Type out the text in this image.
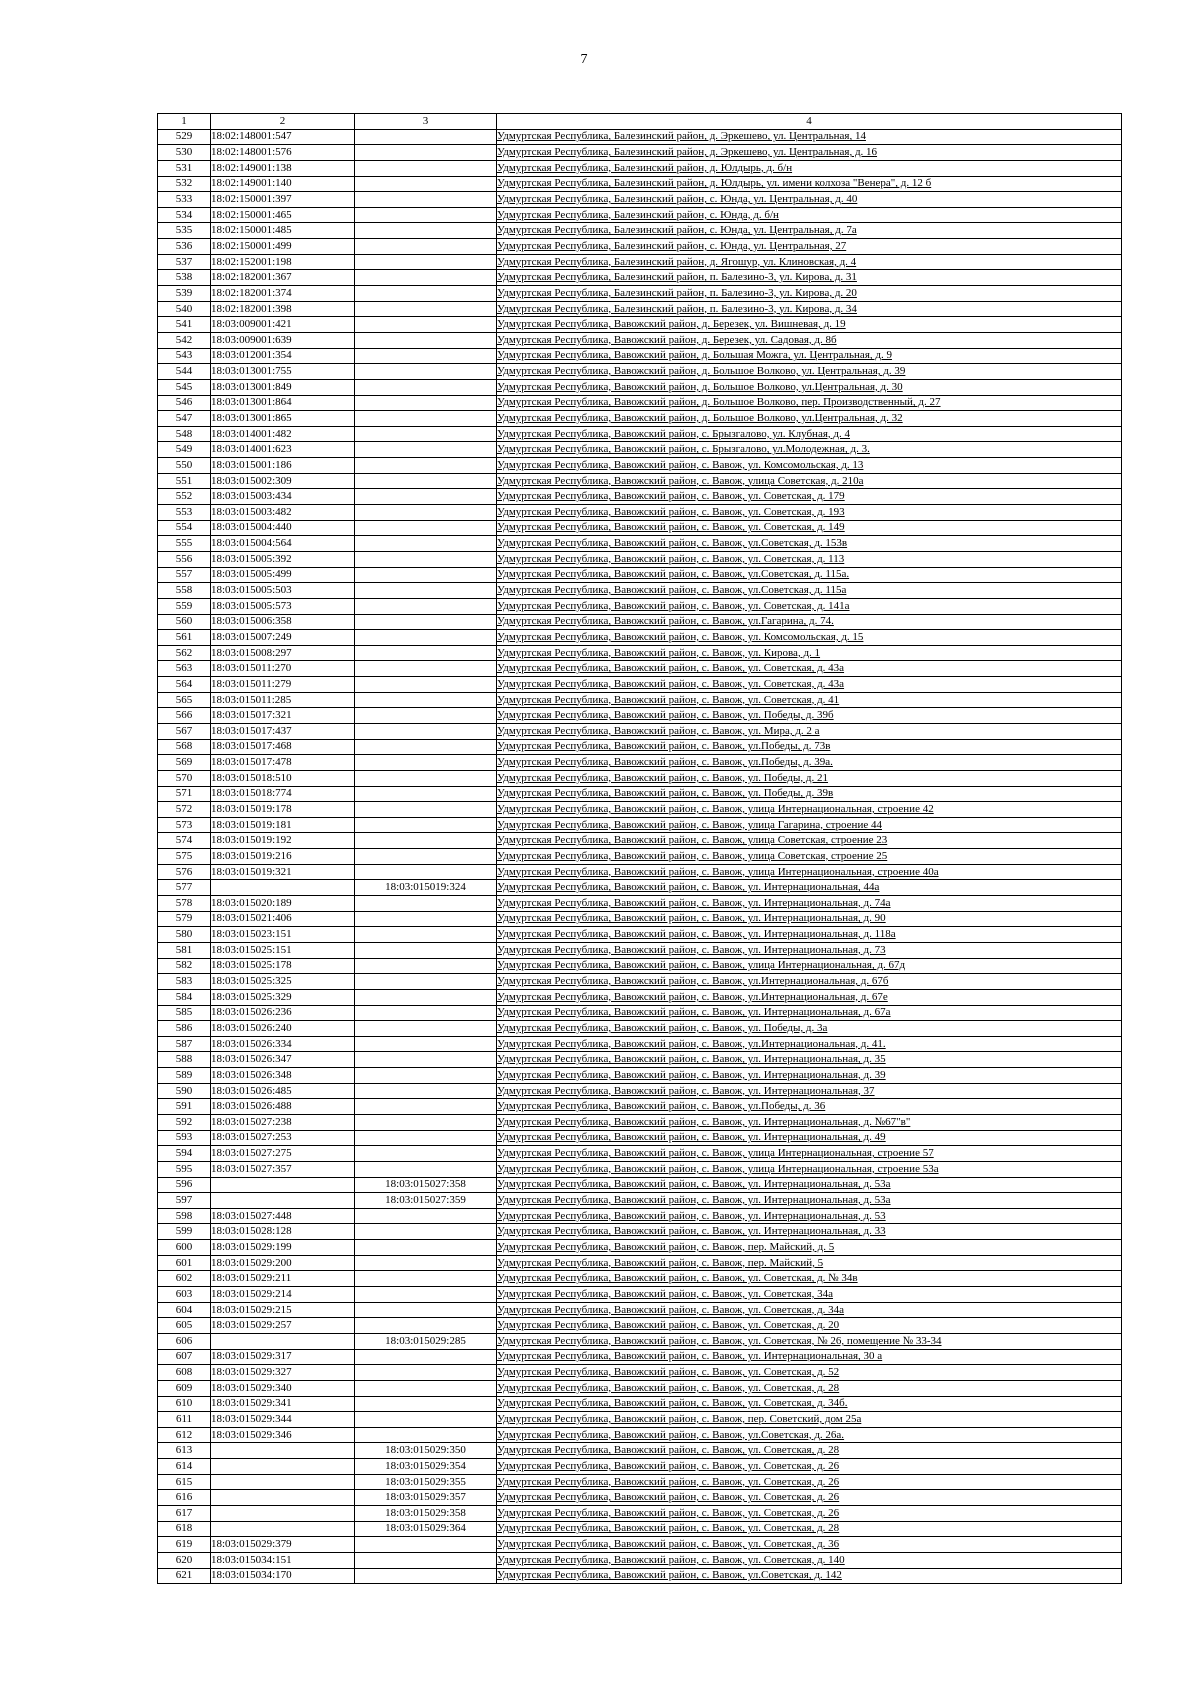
7
1	2	3	4
529	18:02:148001:547		Удмуртская Республика, Балезинский район, д. Эркешево, ул. Центральная, 14
530	18:02:148001:576		Удмуртская Республика, Балезинский район, д. Эркешево, ул. Центральная, д. 16
531	18:02:149001:138		Удмуртская Республика, Балезинский район, д. Юлдырь, д. б/н
532	18:02:149001:140		Удмуртская Республика, Балезинский район, д. Юлдырь, ул. имени колхоза "Венера", д. 12 б
533	18:02:150001:397		Удмуртская Республика, Балезинский район, с. Юнда, ул. Центральная, д. 40
534	18:02:150001:465		Удмуртская Республика, Балезинский район, с. Юнда, д. б/н
535	18:02:150001:485		Удмуртская Республика, Балезинский район, с. Юнда, ул. Центральная, д. 7а
536	18:02:150001:499		Удмуртская Республика, Балезинский район, с. Юнда, ул. Центральная, 27
537	18:02:152001:198		Удмуртская Республика, Балезинский район, д. Ягошур, ул. Клиновская, д. 4
538	18:02:182001:367		Удмуртская Республика, Балезинский район, п. Балезино-3, ул. Кирова, д. 31
539	18:02:182001:374		Удмуртская Республика, Балезинский район, п. Балезино-3, ул. Кирова, д. 20
540	18:02:182001:398		Удмуртская Республика, Балезинский район, п. Балезино-3, ул. Кирова, д. 34
541	18:03:009001:421		Удмуртская Республика, Вавожский район, д. Березек, ул. Вишневая, д. 19
542	18:03:009001:639		Удмуртская Республика, Вавожский район, д. Березек, ул. Садовая, д. 8б
543	18:03:012001:354		Удмуртская Республика, Вавожский район, д. Большая Можга, ул. Центральная, д. 9
544	18:03:013001:755		Удмуртская Республика, Вавожский район, д. Большое Волково, ул. Центральная, д. 39
545	18:03:013001:849		Удмуртская Республика, Вавожский район, д. Большое Волково, ул.Центральная, д. 30
546	18:03:013001:864		Удмуртская Республика, Вавожский район, д. Большое Волково, пер. Производственный, д. 27
547	18:03:013001:865		Удмуртская Республика, Вавожский район, д. Большое Волково, ул.Центральная, д. 32
548	18:03:014001:482		Удмуртская Республика, Вавожский район, с. Брызгалово, ул. Клубная, д. 4
549	18:03:014001:623		Удмуртская Республика, Вавожский район, с. Брызгалово, ул.Молодежная, д. 3.
550	18:03:015001:186		Удмуртская Республика, Вавожский район, с. Вавож, ул. Комсомольская, д. 13
551	18:03:015002:309		Удмуртская Республика, Вавожский район, с. Вавож, улица Советская, д. 210а
552	18:03:015003:434		Удмуртская Республика, Вавожский район, с. Вавож, ул. Советская, д. 179
553	18:03:015003:482		Удмуртская Республика, Вавожский район, с. Вавож, ул. Советская, д. 193
554	18:03:015004:440		Удмуртская Республика, Вавожский район, с. Вавож, ул. Советская, д. 149
555	18:03:015004:564		Удмуртская Республика, Вавожский район, с. Вавож, ул.Советская, д. 153в
556	18:03:015005:392		Удмуртская Республика, Вавожский район, с. Вавож, ул. Советская, д. 113
557	18:03:015005:499		Удмуртская Республика, Вавожский район, с. Вавож, ул.Советская, д. 115а.
558	18:03:015005:503		Удмуртская Республика, Вавожский район, с. Вавож, ул.Советская, д. 115а
559	18:03:015005:573		Удмуртская Республика, Вавожский район, с. Вавож, ул. Советская, д. 141а
560	18:03:015006:358		Удмуртская Республика, Вавожский район, с. Вавож, ул.Гагарина, д. 74.
561	18:03:015007:249		Удмуртская Республика, Вавожский район, с. Вавож, ул. Комсомольская, д. 15
562	18:03:015008:297		Удмуртская Республика, Вавожский район, с. Вавож, ул. Кирова, д. 1
563	18:03:015011:270		Удмуртская Республика, Вавожский район, с. Вавож, ул. Советская, д. 43а
564	18:03:015011:279		Удмуртская Республика, Вавожский район, с. Вавож, ул. Советская, д. 43а
565	18:03:015011:285		Удмуртская Республика, Вавожский район, с. Вавож, ул. Советская, д. 41
566	18:03:015017:321		Удмуртская Республика, Вавожский район, с. Вавож, ул. Победы, д. 39б
567	18:03:015017:437		Удмуртская Республика, Вавожский район, с. Вавож, ул. Мира, д. 2 а
568	18:03:015017:468		Удмуртская Республика, Вавожский район, с. Вавож, ул.Победы, д. 73в
569	18:03:015017:478		Удмуртская Республика, Вавожский район, с. Вавож, ул.Победы, д. 39а.
570	18:03:015018:510		Удмуртская Республика, Вавожский район, с. Вавож, ул. Победы, д. 21
571	18:03:015018:774		Удмуртская Республика, Вавожский район, с. Вавож, ул. Победы, д. 39в
572	18:03:015019:178		Удмуртская Республика, Вавожский район, с. Вавож, улица Интернациональная, строение 42
573	18:03:015019:181		Удмуртская Республика, Вавожский район, с. Вавож, улица Гагарина, строение 44
574	18:03:015019:192		Удмуртская Республика, Вавожский район, с. Вавож, улица Советская, строение 23
575	18:03:015019:216		Удмуртская Республика, Вавожский район, с. Вавож, улица Советская, строение 25
576	18:03:015019:321		Удмуртская Республика, Вавожский район, с. Вавож, улица Интернациональная, строение 40а
577		18:03:015019:324	Удмуртская Республика, Вавожский район, с. Вавож, ул. Интернациональная, 44а
578	18:03:015020:189		Удмуртская Республика, Вавожский район, с. Вавож, ул. Интернациональная, д. 74а
579	18:03:015021:406		Удмуртская Республика, Вавожский район, с. Вавож, ул. Интернациональная, д. 90
580	18:03:015023:151		Удмуртская Республика, Вавожский район, с. Вавож, ул. Интернациональная, д. 118а
581	18:03:015025:151		Удмуртская Республика, Вавожский район, с. Вавож, ул. Интернациональная, д. 73
582	18:03:015025:178		Удмуртская Республика, Вавожский район, с. Вавож, улица Интернациональная, д. 67д
583	18:03:015025:325		Удмуртская Республика, Вавожский район, с. Вавож, ул.Интернациональная, д. 67б
584	18:03:015025:329		Удмуртская Республика, Вавожский район, с. Вавож, ул.Интернациональная, д. 67е
585	18:03:015026:236		Удмуртская Республика, Вавожский район, с. Вавож, ул. Интернациональная, д. 67а
586	18:03:015026:240		Удмуртская Республика, Вавожский район, с. Вавож, ул. Победы, д. 3а
587	18:03:015026:334		Удмуртская Республика, Вавожский район, с. Вавож, ул.Интернациональная, д. 41.
588	18:03:015026:347		Удмуртская Республика, Вавожский район, с. Вавож, ул. Интернациональная, д. 35
589	18:03:015026:348		Удмуртская Республика, Вавожский район, с. Вавож, ул. Интернациональная, д. 39
590	18:03:015026:485		Удмуртская Республика, Вавожский район, с. Вавож, ул. Интернациональная, 37
591	18:03:015026:488		Удмуртская Республика, Вавожский район, с. Вавож, ул.Победы, д. 36
592	18:03:015027:238		Удмуртская Республика, Вавожский район, с. Вавож, ул. Интернациональная, д. №67"в"
593	18:03:015027:253		Удмуртская Республика, Вавожский район, с. Вавож, ул. Интернациональная, д. 49
594	18:03:015027:275		Удмуртская Республика, Вавожский район, с. Вавож, улица Интернациональная, строение 57
595	18:03:015027:357		Удмуртская Республика, Вавожский район, с. Вавож, улица Интернациональная, строение 53а
596		18:03:015027:358	Удмуртская Республика, Вавожский район, с. Вавож, ул. Интернациональная, д. 53а
597		18:03:015027:359	Удмуртская Республика, Вавожский район, с. Вавож, ул. Интернациональная, д. 53а
598	18:03:015027:448		Удмуртская Республика, Вавожский район, с. Вавож, ул. Интернациональная, д. 53
599	18:03:015028:128		Удмуртская Республика, Вавожский район, с. Вавож, ул. Интернациональная, д. 33
600	18:03:015029:199		Удмуртская Республика, Вавожский район, с. Вавож, пер. Майский, д. 5
601	18:03:015029:200		Удмуртская Республика, Вавожский район, с. Вавож, пер. Майский, 5
602	18:03:015029:211		Удмуртская Республика, Вавожский район, с. Вавож, ул. Советская, д. № 34в
603	18:03:015029:214		Удмуртская Республика, Вавожский район, с. Вавож, ул. Советская, 34а
604	18:03:015029:215		Удмуртская Республика, Вавожский район, с. Вавож, ул. Советская, д. 34а
605	18:03:015029:257		Удмуртская Республика, Вавожский район, с. Вавож, ул. Советская, д. 20
606		18:03:015029:285	Удмуртская Республика, Вавожский район, с. Вавож, ул. Советская, № 26, помещение № 33-34
607	18:03:015029:317		Удмуртская Республика, Вавожский район, с. Вавож, ул. Интернациональная, 30 а
608	18:03:015029:327		Удмуртская Республика, Вавожский район, с. Вавож, ул. Советская, д. 52
609	18:03:015029:340		Удмуртская Республика, Вавожский район, с. Вавож, ул. Советская, д. 28
610	18:03:015029:341		Удмуртская Республика, Вавожский район, с. Вавож, ул. Советская, д. 34б.
611	18:03:015029:344		Удмуртская Республика, Вавожский район, с. Вавож, пер. Советский, дом 25а
612	18:03:015029:346		Удмуртская Республика, Вавожский район, с. Вавож, ул.Советская, д. 26а.
613		18:03:015029:350	Удмуртская Республика, Вавожский район, с. Вавож, ул. Советская, д. 28
614		18:03:015029:354	Удмуртская Республика, Вавожский район, с. Вавож, ул. Советская, д. 26
615		18:03:015029:355	Удмуртская Республика, Вавожский район, с. Вавож, ул. Советская, д. 26
616		18:03:015029:357	Удмуртская Республика, Вавожский район, с. Вавож, ул. Советская, д. 26
617		18:03:015029:358	Удмуртская Республика, Вавожский район, с. Вавож, ул. Советская, д. 26
618		18:03:015029:364	Удмуртская Республика, Вавожский район, с. Вавож, ул. Советская, д. 28
619	18:03:015029:379		Удмуртская Республика, Вавожский район, с. Вавож, ул. Советская, д. 36
620	18:03:015034:151		Удмуртская Республика, Вавожский район, с. Вавож, ул. Советская, д. 140
621	18:03:015034:170		Удмуртская Республика, Вавожский район, с. Вавож, ул.Советская, д. 142
